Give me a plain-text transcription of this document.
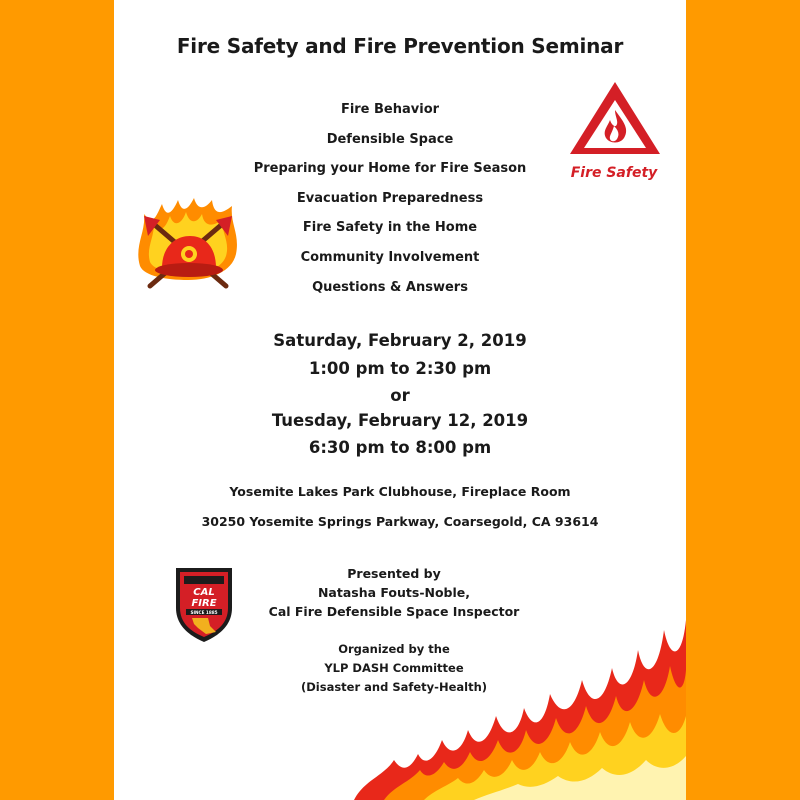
Fire Safety and Fire Prevention Seminar
Fire Safety
Fire Behavior
Defensible Space
Preparing your Home for Fire Season
Evacuation Preparedness
Fire Safety in the Home
Community Involvement
Questions & Answers
Saturday, February 2, 2019
1:00 pm to 2:30 pm
or
Tuesday, February 12, 2019
6:30 pm to 8:00 pm
Yosemite Lakes Park Clubhouse, Fireplace Room
30250 Yosemite Springs Parkway, Coarsegold, CA 93614
CAL
FIRE
SINCE 1885
Presented by
Natasha Fouts-Noble,
Cal Fire Defensible Space Inspector
Organized by the
YLP DASH Committee
(Disaster and Safety-Health)
